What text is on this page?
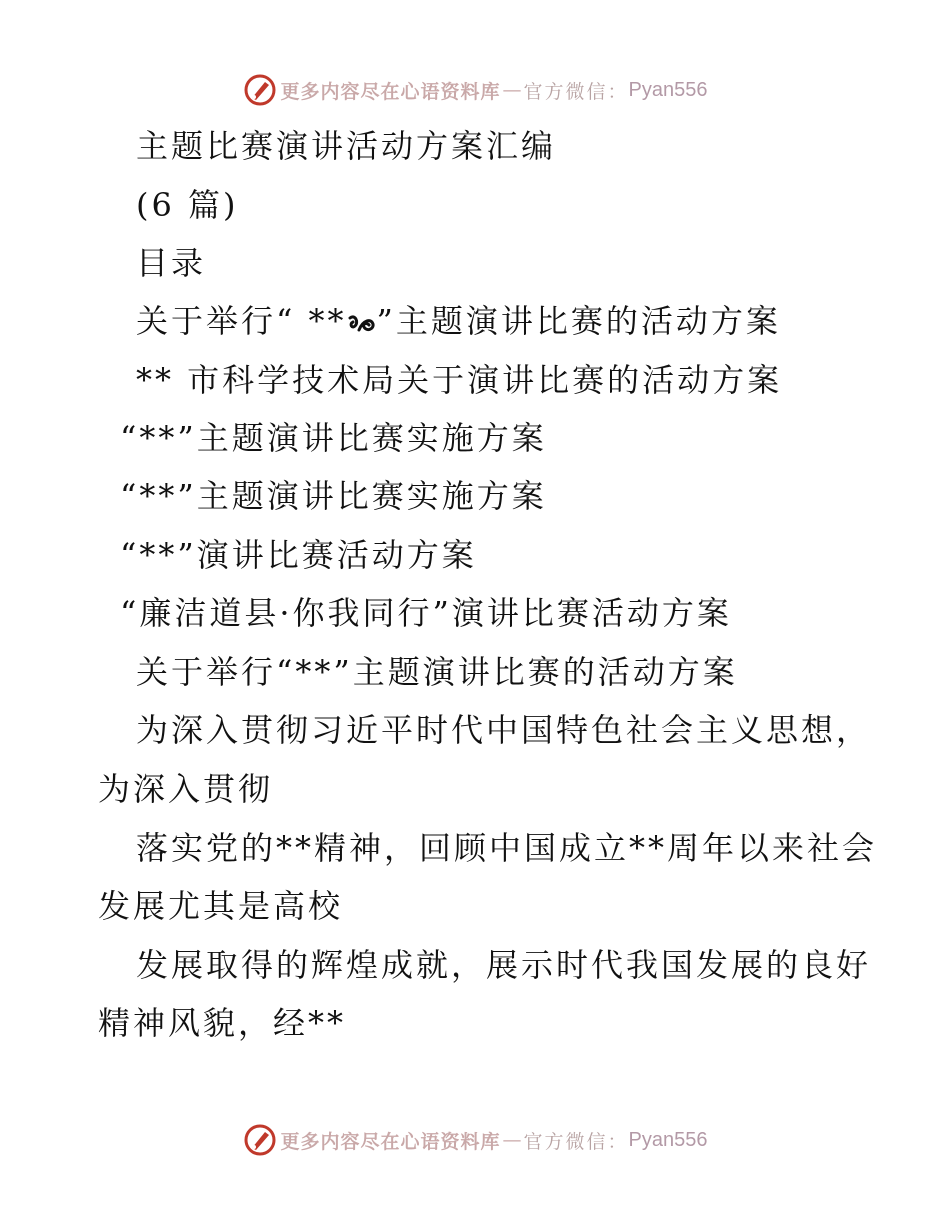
更多内容尽在心语资料库 — 官方微信： Pyan556
主题比赛演讲活动方案汇编
(6 篇)
目录
关于举行“ ** ”主题演讲比赛的活动方案
** 市科学技术局关于演讲比赛的活动方案
“**”主题演讲比赛实施方案
“**”主题演讲比赛实施方案
“**”演讲比赛活动方案
“廉洁道县·你我同行”演讲比赛活动方案
关于举行“**”主题演讲比赛的活动方案
为深入贯彻习近平时代中国特色社会主义思想，
为深入贯彻
落实党的**精神，回顾中国成立**周年以来社会
发展尤其是高校
发展取得的辉煌成就，展示时代我国发展的良好
精神风貌，经**
更多内容尽在心语资料库 — 官方微信： Pyan556
